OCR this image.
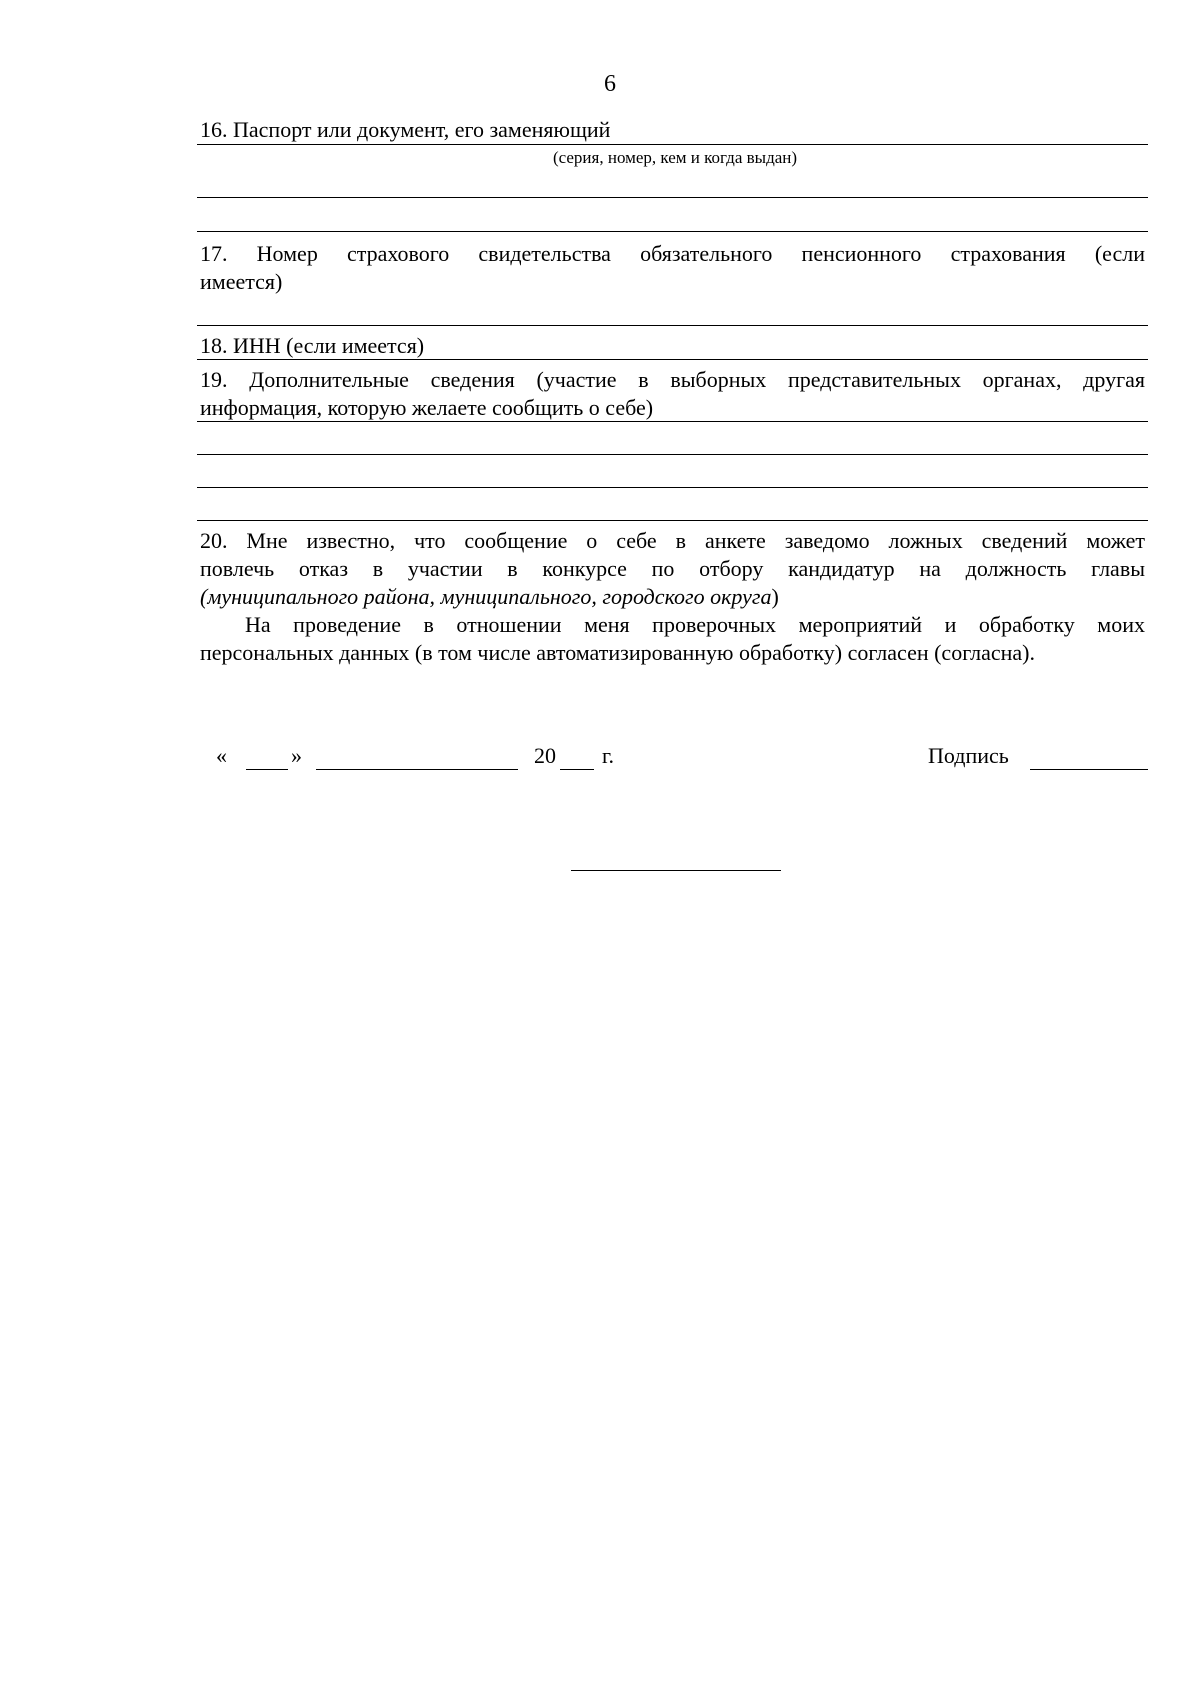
6
16. Паспорт или документ, его заменяющий
(серия, номер, кем и когда выдан)
17. Номер страхового свидетельства обязательного пенсионного страхования (если
имеется)
18. ИНН (если имеется)
19. Дополнительные сведения (участие в выборных представительных органах, другая
информация, которую желаете сообщить о себе)
20. Мне известно, что сообщение о себе в анкете заведомо ложных сведений может
повлечь отказ в участии в конкурсе по отбору кандидатур на должность главы
(муниципального района, муниципального, городского округа)
На проведение в отношении меня проверочных мероприятий и обработку моих
персональных данных (в том числе автоматизированную обработку) согласен (согласна).
«	»	20 г.	Подпись
